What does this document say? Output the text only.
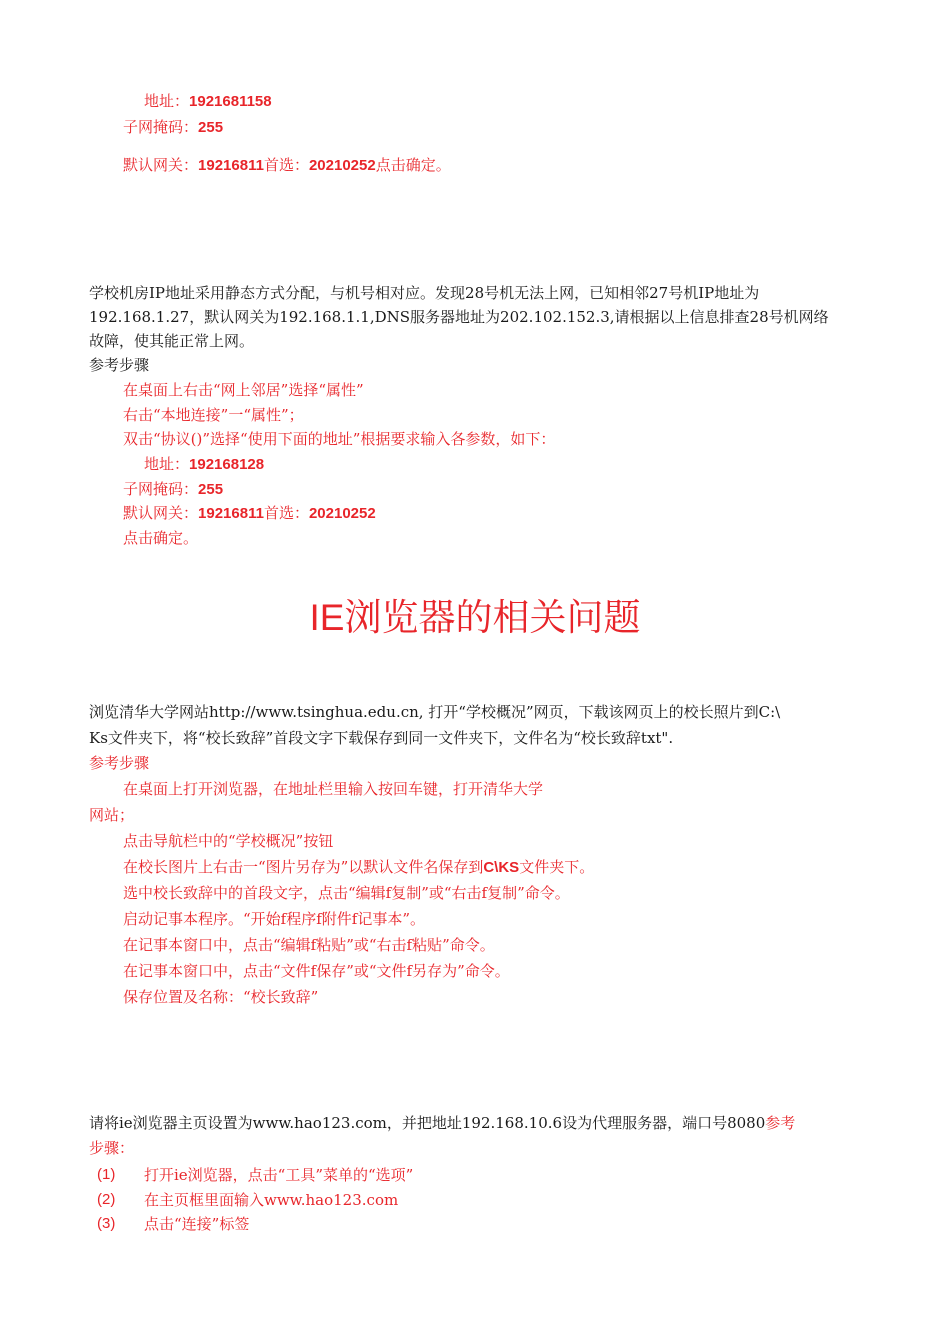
地址：1921681158
子网掩码：255
默认网关：19216811首选：20210252点击确定。
学校机房IP地址采用静态方式分配，与机号相对应。发现28号机无法上网，已知相邻27号机IP地址为
192.168.1.27，默认网关为192.168.1.1,DNS服务器地址为202.102.152.3,请根据以上信息排查28号机网络
故障，使其能正常上网。
参考步骤
在桌面上右击“网上邻居”选择“属性”
右击“本地连接”一“属性”；
双击“协议()”选择“使用下面的地址”根据要求输入各参数，如下：
地址：192168128
子网掩码：255
默认网关：19216811首选：20210252
点击确定。
IE浏览器的相关问题
浏览清华大学网站http://www.tsinghua.edu.cn, 打开“学校概况”网页，下载该网页上的校长照片到C:\
Ks文件夹下，将“校长致辞”首段文字下载保存到同一文件夹下，文件名为“校长致辞txt".
参考步骤
在桌面上打开浏览器，在地址栏里输入按回车键，打开清华大学
网站；
点击导航栏中的“学校概况”按钮
在校长图片上右击一“图片另存为”以默认文件名保存到C\KS文件夹下。
选中校长致辞中的首段文字，点击“编辑f复制”或“右击f复制”命令。
启动记事本程序。“开始f程序f附件f记事本”。
在记事本窗口中，点击“编辑f粘贴”或“右击f粘贴”命令。
在记事本窗口中，点击“文件f保存”或“文件f另存为”命令。
保存位置及名称：“校长致辞”
请将ie浏览器主页设置为www.hao123.com，并把地址192.168.10.6设为代理服务器，端口号8080参考
步骤：
(1)	打开ie浏览器，点击“工具”菜单的“选项”
(2)	在主页框里面输入www.hao123.com
(3)	点击“连接”标签
